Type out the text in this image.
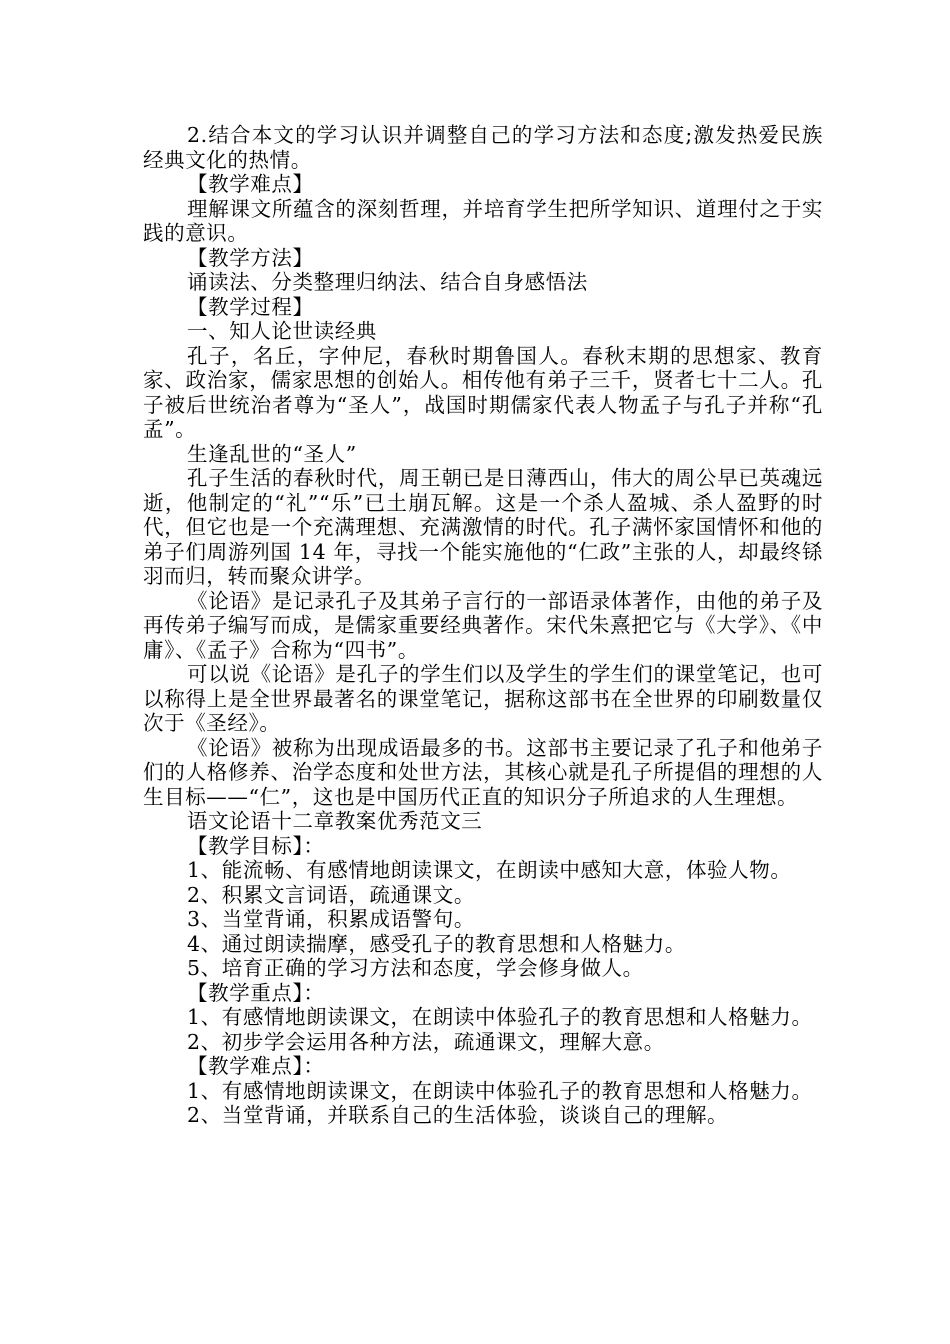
2.结合本文的学习认识并调整自己的学习方法和态度;激发热爱民族经典文化的热情。

【教学难点】

理解课文所蕴含的深刻哲理，并培育学生把所学知识、道理付之于实践的意识。

【教学方法】

诵读法、分类整理归纳法、结合自身感悟法

【教学过程】

一、知人论世读经典

孔子，名丘，字仲尼，春秋时期鲁国人。春秋末期的思想家、教育家、政治家，儒家思想的创始人。相传他有弟子三千，贤者七十二人。孔子被后世统治者尊为“圣人”，战国时期儒家代表人物孟子与孔子并称“孔孟”。

生逢乱世的“圣人”

孔子生活的春秋时代，周王朝已是日薄西山，伟大的周公早已英魂远逝，他制定的“礼”“乐”已土崩瓦解。这是一个杀人盈城、杀人盈野的时代，但它也是一个充满理想、充满激情的时代。孔子满怀家国情怀和他的弟子们周游列国 14 年，寻找一个能实施他的“仁政”主张的人，却最终铩羽而归，转而聚众讲学。

《论语》是记录孔子及其弟子言行的一部语录体著作，由他的弟子及再传弟子编写而成，是儒家重要经典著作。宋代朱熹把它与《大学》、《中庸》、《孟子》合称为“四书”。

可以说《论语》是孔子的学生们以及学生的学生们的课堂笔记，也可以称得上是全世界最著名的课堂笔记，据称这部书在全世界的印刷数量仅次于《圣经》。

《论语》被称为出现成语最多的书。这部书主要记录了孔子和他弟子们的人格修养、治学态度和处世方法，其核心就是孔子所提倡的理想的人生目标——“仁”，这也是中国历代正直的知识分子所追求的人生理想。

语文论语十二章教案优秀范文三

【教学目标】：

1、能流畅、有感情地朗读课文，在朗读中感知大意，体验人物。

2、积累文言词语，疏通课文。

3、当堂背诵，积累成语警句。

4、通过朗读揣摩，感受孔子的教育思想和人格魅力。

5、培育正确的学习方法和态度，学会修身做人。

【教学重点】：

1、有感情地朗读课文，在朗读中体验孔子的教育思想和人格魅力。

2、初步学会运用各种方法，疏通课文，理解大意。

【教学难点】：

1、有感情地朗读课文，在朗读中体验孔子的教育思想和人格魅力。

2、当堂背诵，并联系自己的生活体验，谈谈自己的理解。
